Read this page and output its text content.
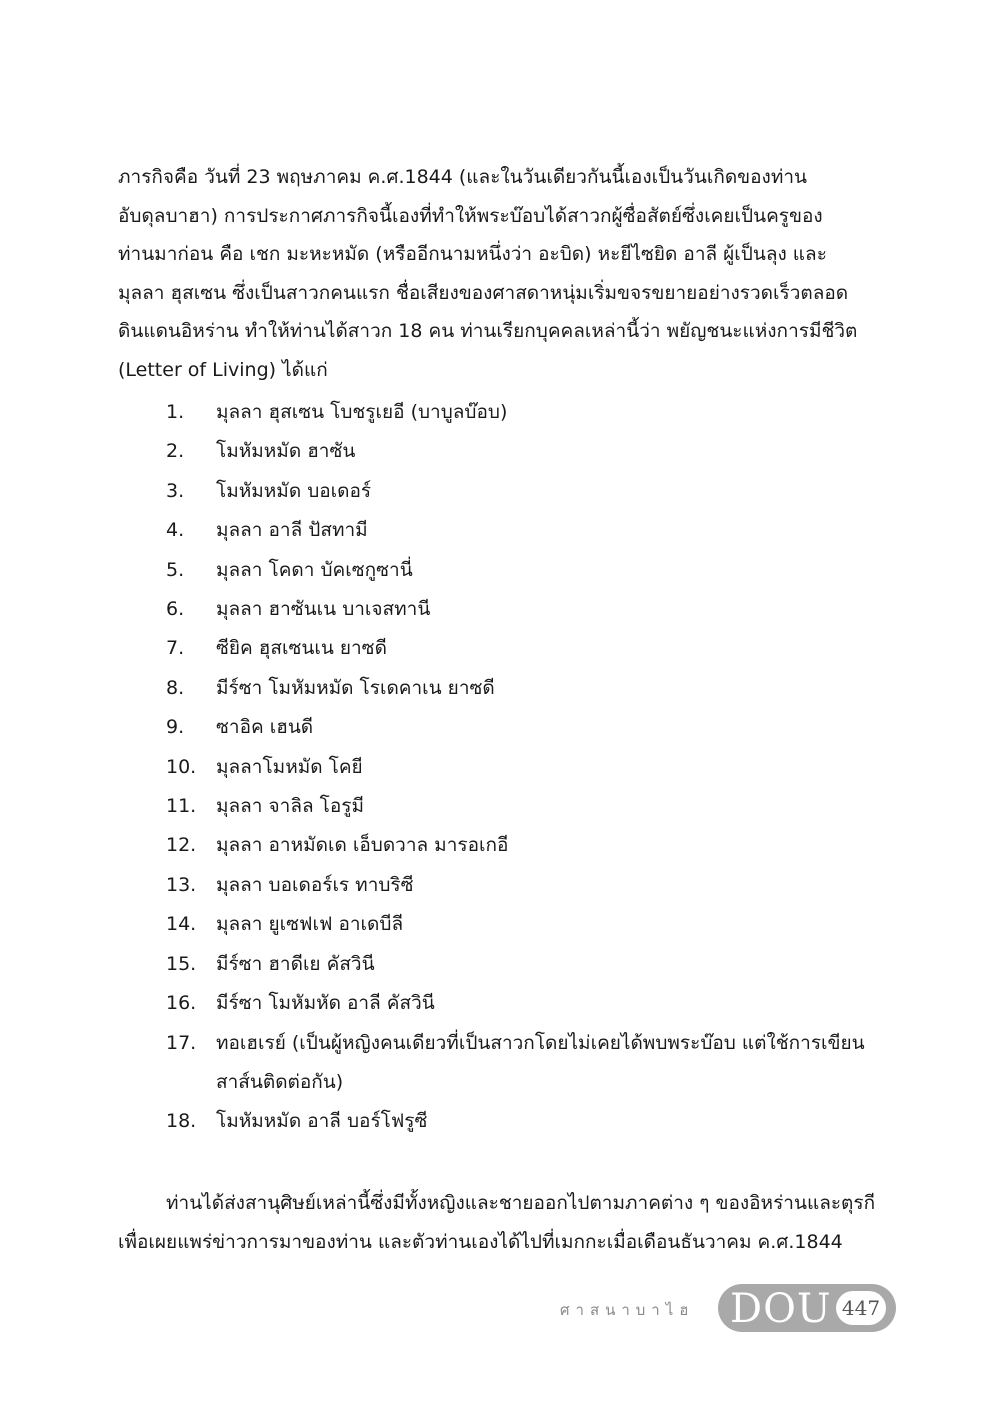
ภารกิจคือ วันที่ 23 พฤษภาคม ค.ศ.1844 (และในวันเดียวกันนี้เองเป็นวันเกิดของท่าน
อับดุลบาฮา) การประกาศภารกิจนี้เองที่ทำให้พระบ๊อบได้สาวกผู้ซื่อสัตย์ซึ่งเคยเป็นครูของ
ท่านมาก่อน คือ เชก มะหะหมัด (หรืออีกนามหนึ่งว่า อะบิด) หะยีไซยิด อาลี ผู้เป็นลุง และ
มุลลา ฮุสเซน ซึ่งเป็นสาวกคนแรก ชื่อเสียงของศาสดาหนุ่มเริ่มขจรขยายอย่างรวดเร็วตลอด
ดินแดนอิหร่าน ทำให้ท่านได้สาวก 18 คน ท่านเรียกบุคคลเหล่านี้ว่า พยัญชนะแห่งการมีชีวิต
(Letter of Living) ได้แก่
1.	มุลลา ฮุสเซน โบชรูเยอี (บาบูลบ๊อบ)
2.	โมหัมหมัด ฮาซัน
3.	โมหัมหมัด บอเดอร์
4.	มุลลา อาลี ปัสทามี
5.	มุลลา โคดา บัคเซกูซานี่
6.	มุลลา ฮาซันเน บาเจสทานี
7.	ซียิค ฮุสเซนเน ยาซดี
8.	มีร์ซา โมหัมหมัด โรเดคาเน ยาซดี
9.	ซาอิค เฮนดี
10.	มุลลาโมหมัด โคยี
11.	มุลลา จาลิล โอรูมี
12.	มุลลา อาหมัดเด เอ็บดวาล มารอเกอี
13.	มุลลา บอเดอร์เร ทาบริซี
14.	มุลลา ยูเซฟเฟ อาเดบีลี
15.	มีร์ซา ฮาดีเย คัสวินี
16.	มีร์ซา โมหัมหัด อาลี คัสวินี
17.	ทอเฮเรย์ (เป็นผู้หญิงคนเดียวที่เป็นสาวกโดยไม่เคยได้พบพระบ๊อบ แต่ใช้การเขียน
สาส์นติดต่อกัน)
18.	โมหัมหมัด อาลี บอร์โฟรูซี
ท่านได้ส่งสานุศิษย์เหล่านี้ซึ่งมีทั้งหญิงและชายออกไปตามภาคต่าง ๆ ของอิหร่านและตุรกี
เพื่อเผยแพร่ข่าวการมาของท่าน และตัวท่านเองได้ไปที่เมกกะเมื่อเดือนธันวาคม ค.ศ.1844
ศาสนาบาไฮ DOU 447
